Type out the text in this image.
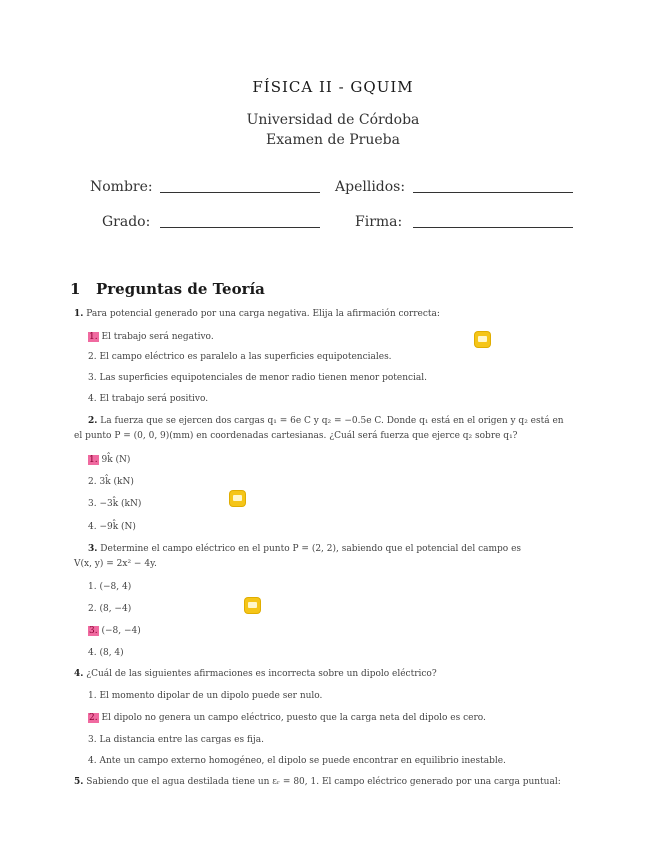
FÍSICA II - GQUIM
Universidad de Córdoba
Examen de Prueba
Nombre:	Apellidos:
Grado:	Firma:
1 Preguntas de Teoría
1. Para potencial generado por una carga negativa. Elija la afirmación correcta:
1. El trabajo será negativo.
2. El campo eléctrico es paralelo a las superficies equipotenciales.
3. Las superficies equipotenciales de menor radio tienen menor potencial.
4. El trabajo será positivo.
2. La fuerza que se ejercen dos cargas q₁ = 6e C y q₂ = −0.5e C. Donde q₁ está en el origen y q₂ está en
el punto P = (0, 0, 9)(mm) en coordenadas cartesianas. ¿Cuál será fuerza que ejerce q₂ sobre q₁?
1. 9k̂ (N)
2. 3k̂ (kN)
3. −3k̂ (kN)
4. −9k̂ (N)
3. Determine el campo eléctrico en el punto P = (2, 2), sabiendo que el potencial del campo es
V(x, y) = 2x² − 4y.
1. (−8, 4)
2. (8, −4)
3. (−8, −4)
4. (8, 4)
4. ¿Cuál de las siguientes afirmaciones es incorrecta sobre un dipolo eléctrico?
1. El momento dipolar de un dipolo puede ser nulo.
2. El dipolo no genera un campo eléctrico, puesto que la carga neta del dipolo es cero.
3. La distancia entre las cargas es fija.
4. Ante un campo externo homogéneo, el dipolo se puede encontrar en equilibrio inestable.
5. Sabiendo que el agua destilada tiene un εᵣ = 80, 1. El campo eléctrico generado por una carga puntual:
